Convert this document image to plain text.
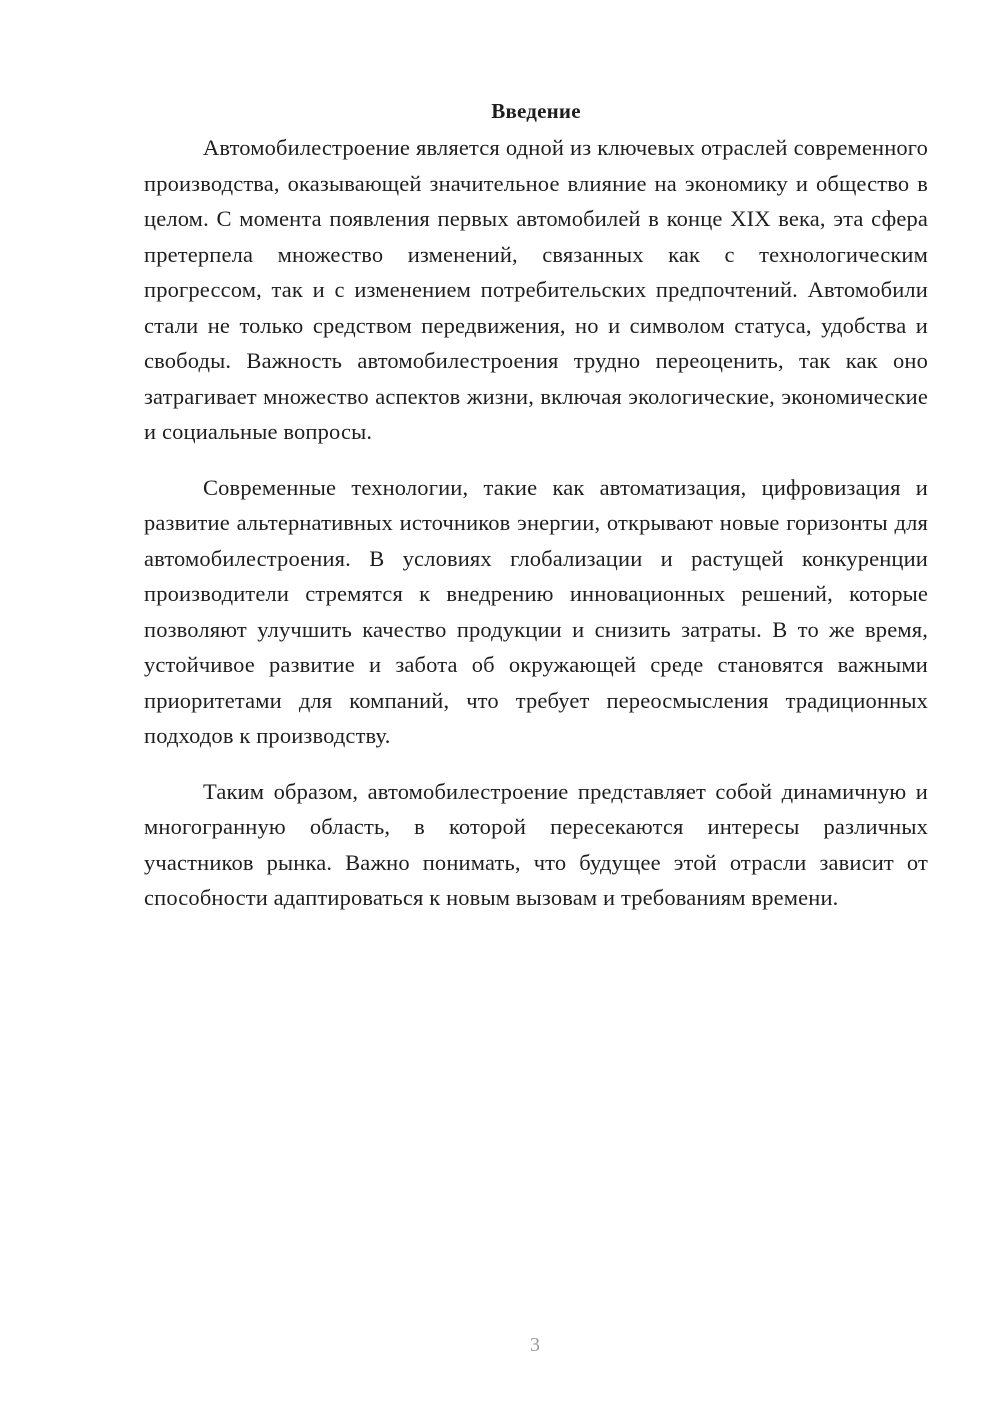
Введение

Автомобилестроение является одной из ключевых отраслей современного производства, оказывающей значительное влияние на экономику и общество в целом. С момента появления первых автомобилей в конце XIX века, эта сфера претерпела множество изменений, связанных как с технологическим прогрессом, так и с изменением потребительских предпочтений. Автомобили стали не только средством передвижения, но и символом статуса, удобства и свободы. Важность автомобилестроения трудно переоценить, так как оно затрагивает множество аспектов жизни, включая экологические, экономические и социальные вопросы.

Современные технологии, такие как автоматизация, цифровизация и развитие альтернативных источников энергии, открывают новые горизонты для автомобилестроения. В условиях глобализации и растущей конкуренции производители стремятся к внедрению инновационных решений, которые позволяют улучшить качество продукции и снизить затраты. В то же время, устойчивое развитие и забота об окружающей среде становятся важными приоритетами для компаний, что требует переосмысления традиционных подходов к производству.

Таким образом, автомобилестроение представляет собой динамичную и многогранную область, в которой пересекаются интересы различных участников рынка. Важно понимать, что будущее этой отрасли зависит от способности адаптироваться к новым вызовам и требованиям времени.

3
